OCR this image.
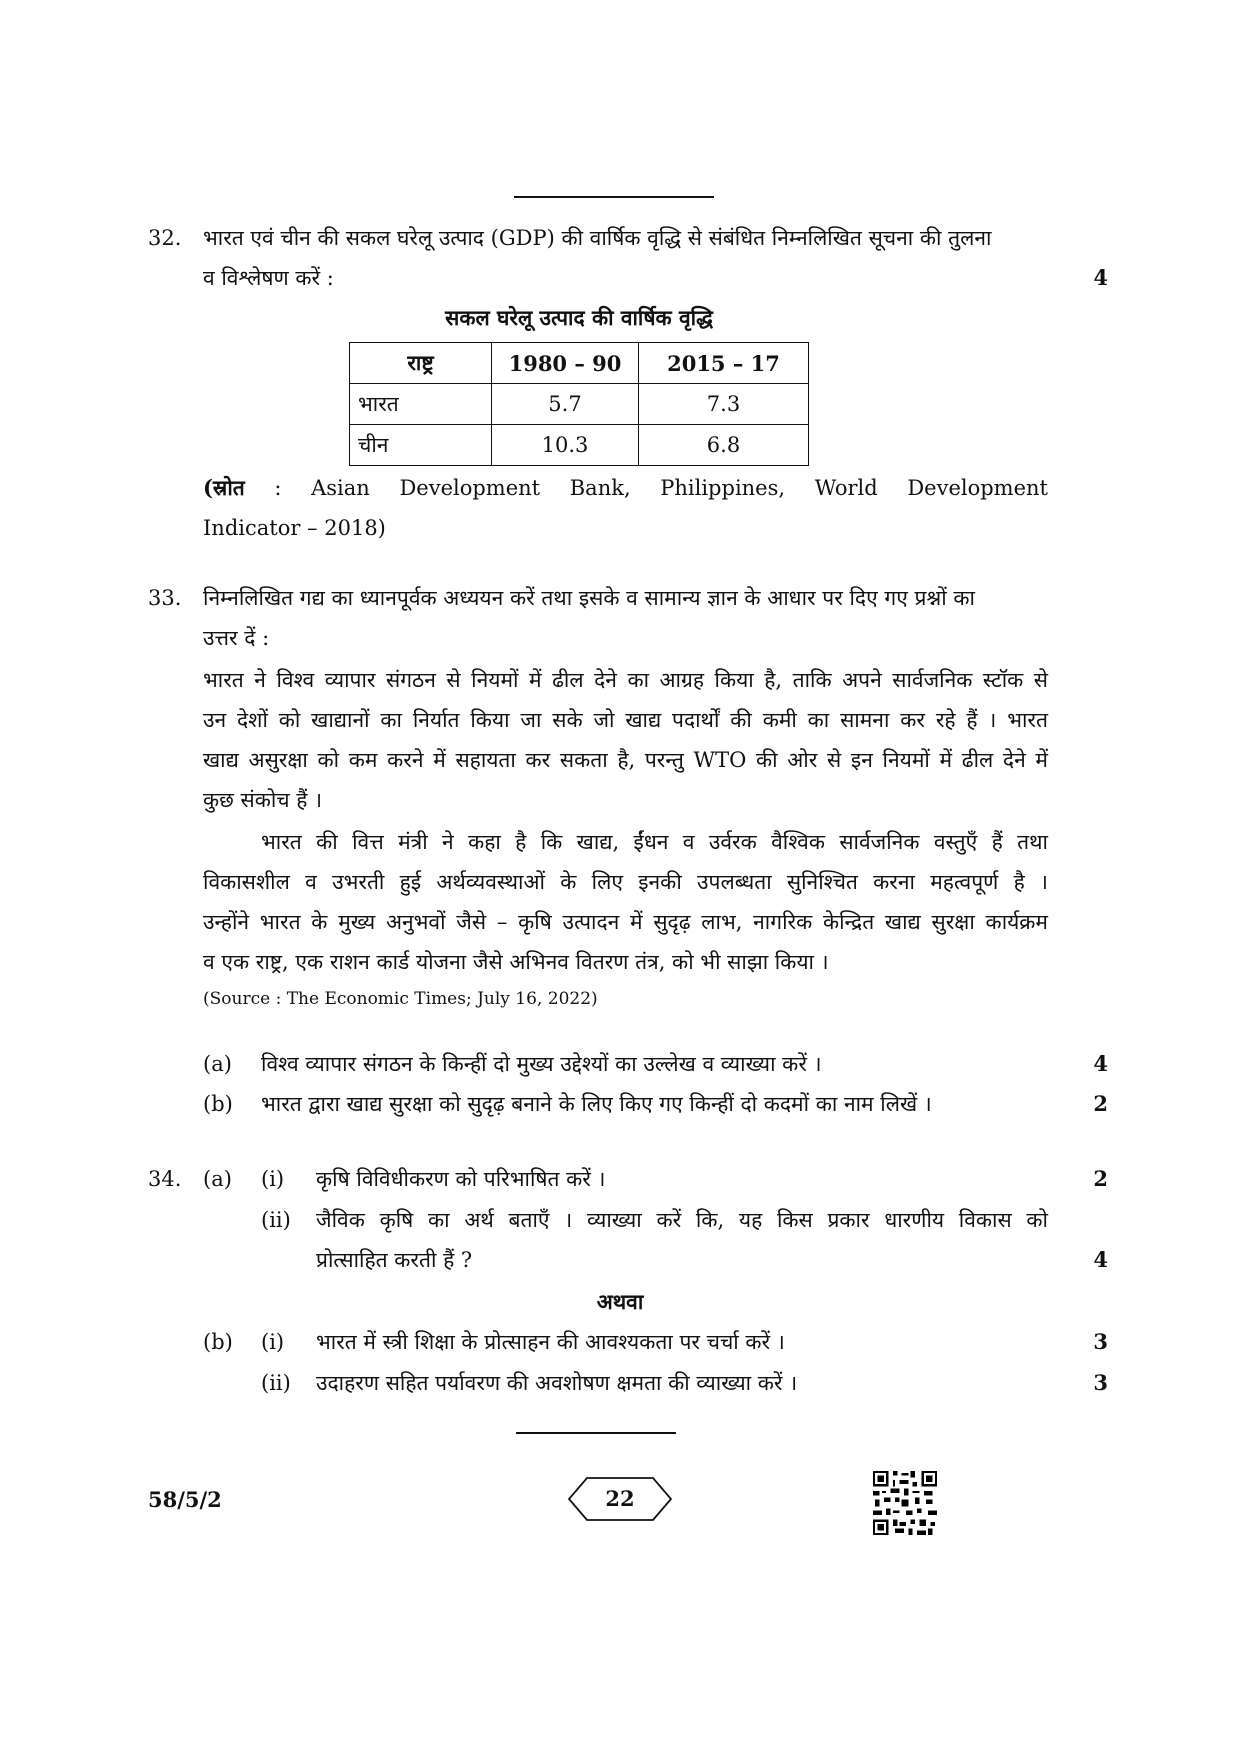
32. भारत एवं चीन की सकल घरेलू उत्पाद (GDP) की वार्षिक वृद्धि से संबंधित निम्नलिखित सूचना की तुलना
व विश्लेषण करें :	4
सकल घरेलू उत्पाद की वार्षिक वृद्धि
राष्ट्र	1980 – 90	2015 – 17
भारत	5.7	7.3
चीन	10.3	6.8
(स्रोत : Asian Development Bank, Philippines, World Development
Indicator – 2018)
33. निम्नलिखित गद्य का ध्यानपूर्वक अध्ययन करें तथा इसके व सामान्य ज्ञान के आधार पर दिए गए प्रश्नों का
उत्तर दें :
भारत ने विश्व व्यापार संगठन से नियमों में ढील देने का आग्रह किया है, ताकि अपने सार्वजनिक स्टॉक से
उन देशों को खाद्यानों का निर्यात किया जा सके जो खाद्य पदार्थों की कमी का सामना कर रहे हैं । भारत
खाद्य असुरक्षा को कम करने में सहायता कर सकता है, परन्तु WTO की ओर से इन नियमों में ढील देने में
कुछ संकोच हैं ।
भारत की वित्त मंत्री ने कहा है कि खाद्य, ईंधन व उर्वरक वैश्विक सार्वजनिक वस्तुएँ हैं तथा
विकासशील व उभरती हुई अर्थव्यवस्थाओं के लिए इनकी उपलब्धता सुनिश्चित करना महत्वपूर्ण है ।
उन्होंने भारत के मुख्य अनुभवों जैसे – कृषि उत्पादन में सुदृढ़ लाभ, नागरिक केन्द्रित खाद्य सुरक्षा कार्यक्रम
व एक राष्ट्र, एक राशन कार्ड योजना जैसे अभिनव वितरण तंत्र, को भी साझा किया ।
(Source : The Economic Times; July 16, 2022)
(a) विश्व व्यापार संगठन के किन्हीं दो मुख्य उद्देश्यों का उल्लेख व व्याख्या करें ।	4
(b) भारत द्वारा खाद्य सुरक्षा को सुदृढ़ बनाने के लिए किए गए किन्हीं दो कदमों का नाम लिखें ।	2
34. (a) (i) कृषि विविधीकरण को परिभाषित करें ।	2
(ii) जैविक कृषि का अर्थ बताएँ । व्याख्या करें कि, यह किस प्रकार धारणीय विकास को
प्रोत्साहित करती हैं ?	4
अथवा
(b) (i) भारत में स्त्री शिक्षा के प्रोत्साहन की आवश्यकता पर चर्चा करें ।	3
(ii) उदाहरण सहित पर्यावरण की अवशोषण क्षमता की व्याख्या करें ।	3
58/5/2	22
